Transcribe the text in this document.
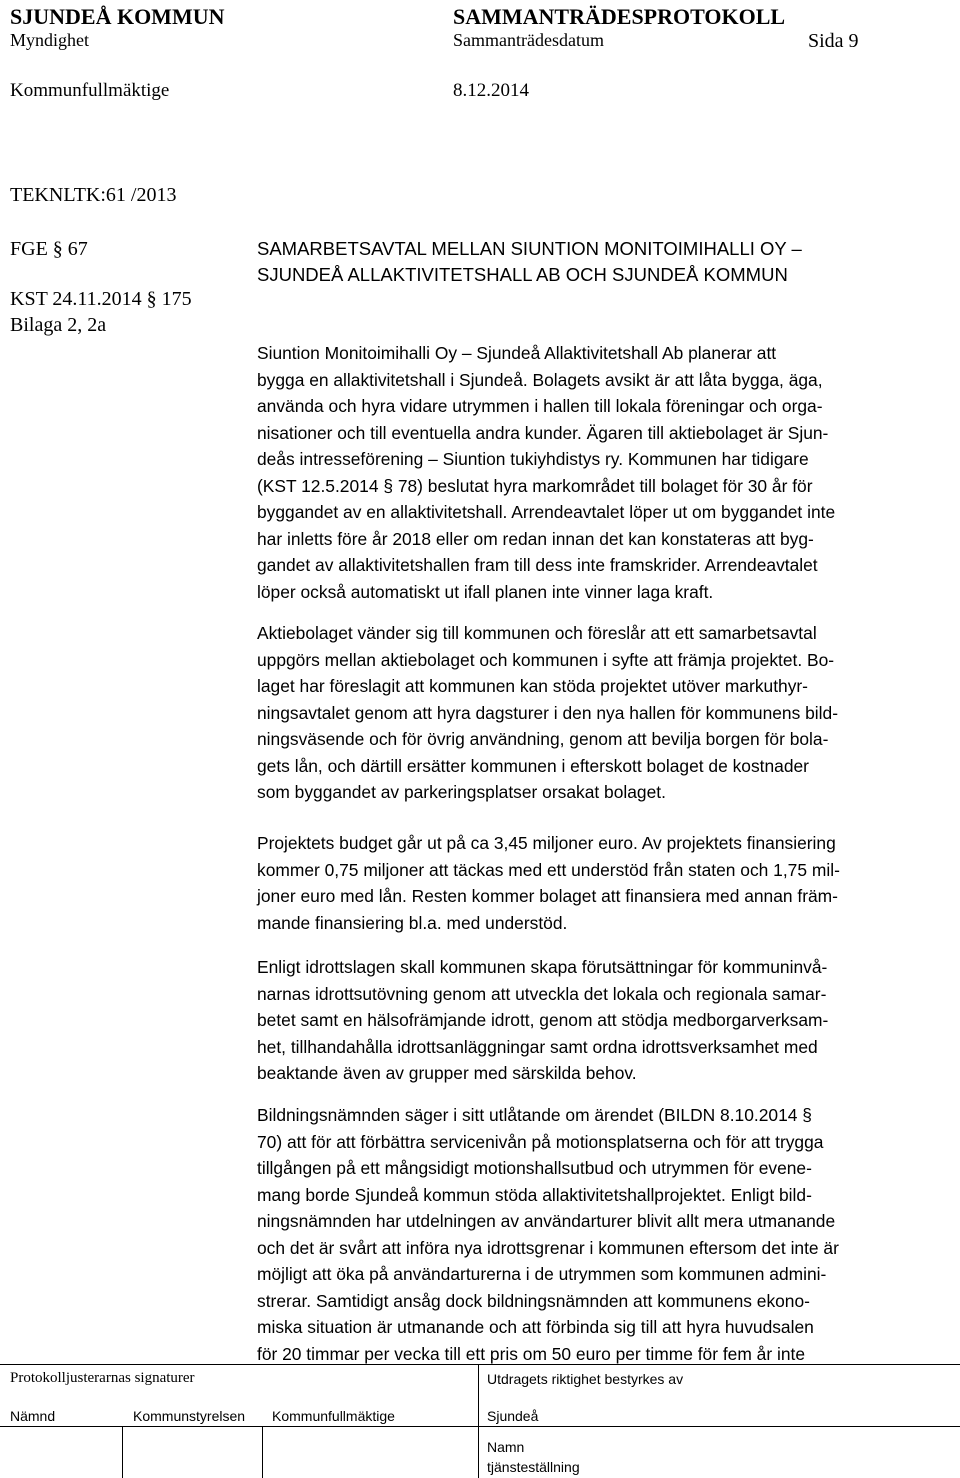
SJUNDEÅ KOMMUN	SAMMANTRÄDESPROTOKOLL
Myndighet	Sammanträdesdatum	Sida 9
Kommunfullmäktige	8.12.2014
TEKNLTK:61 /2013
FGE § 67
KST 24.11.2014 § 175
Bilaga 2, 2a
SAMARBETSAVTAL MELLAN SIUNTION MONITOIMIHALLI OY –
SJUNDEÅ ALLAKTIVITETSHALL AB OCH SJUNDEÅ KOMMUN
Siuntion Monitoimihalli Oy – Sjundeå Allaktivitetshall Ab planerar att
bygga en allaktivitetshall i Sjundeå. Bolagets avsikt är att låta bygga, äga,
använda och hyra vidare utrymmen i hallen till lokala föreningar och orga-
nisationer och till eventuella andra kunder. Ägaren till aktiebolaget är Sjun-
deås intresseförening – Siuntion tukiyhdistys ry. Kommunen har tidigare
(KST 12.5.2014 § 78) beslutat hyra markområdet till bolaget för 30 år för
byggandet av en allaktivitetshall. Arrendeavtalet löper ut om byggandet inte
har inletts före år 2018 eller om redan innan det kan konstateras att byg-
gandet av allaktivitetshallen fram till dess inte framskrider. Arrendeavtalet
löper också automatiskt ut ifall planen inte vinner laga kraft.
Aktiebolaget vänder sig till kommunen och föreslår att ett samarbetsavtal
uppgörs mellan aktiebolaget och kommunen i syfte att främja projektet. Bo-
laget har föreslagit att kommunen kan stöda projektet utöver markuthyr-
ningsavtalet genom att hyra dagsturer i den nya hallen för kommunens bild-
ningsväsende och för övrig användning, genom att bevilja borgen för bola-
gets lån, och därtill ersätter kommunen i efterskott bolaget de kostnader
som byggandet av parkeringsplatser orsakat bolaget.
Projektets budget går ut på ca 3,45 miljoner euro. Av projektets finansiering
kommer 0,75 miljoner att täckas med ett understöd från staten och 1,75 mil-
joner euro med lån. Resten kommer bolaget att finansiera med annan främ-
mande finansiering bl.a. med understöd.
Enligt idrottslagen skall kommunen skapa förutsättningar för kommuninvå-
narnas idrottsutövning genom att utveckla det lokala och regionala samar-
betet samt en hälsofrämjande idrott, genom att stödja medborgarverksam-
het, tillhandahålla idrottsanläggningar samt ordna idrottsverksamhet med
beaktande även av grupper med särskilda behov.
Bildningsnämnden säger i sitt utlåtande om ärendet (BILDN 8.10.2014 §
70) att för att förbättra servicenivån på motionsplatserna och för att trygga
tillgången på ett mångsidigt motionshallsutbud och utrymmen för evene-
mang borde Sjundeå kommun stöda allaktivitetshallprojektet. Enligt bild-
ningsnämnden har utdelningen av användarturer blivit allt mera utmanande
och det är svårt att införa nya idrottsgrenar i kommunen eftersom det inte är
möjligt att öka på användarturerna i de utrymmen som kommunen admini-
strerar. Samtidigt ansåg dock bildningsnämnden att kommunens ekono-
miska situation är utmanande och att förbinda sig till att hyra huvudsalen
för 20 timmar per vecka till ett pris om 50 euro per timme för fem år inte
Protokolljusterarnas signaturer	Utdragets riktighet bestyrkes av
Nämnd	Kommunstyrelsen Kommunfullmäktige	Sjundeå
Namn
tjänsteställning
